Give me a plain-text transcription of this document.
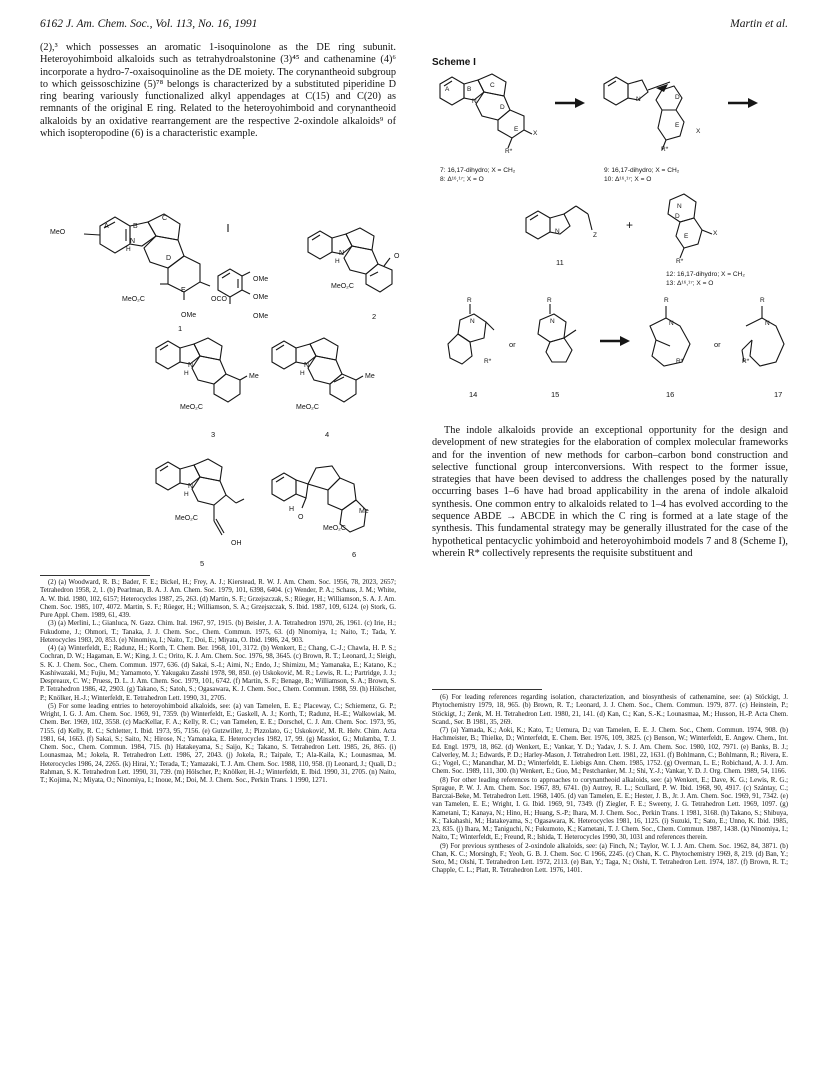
6162 J. Am. Chem. Soc., Vol. 113, No. 16, 1991	Martin et al.

(2),³ which possesses an aromatic 1-isoquinolone as the DE ring subunit. Heteroyohimboid alkaloids such as tetrahydroalstonine (3)⁴⁵ and cathenamine (4)⁶ incorporate a hydro-7-oxaisoquinoline as the DE moiety. The corynantheoid subgroup to which geissoschizine (5)⁷⁸ belongs is characterized by a substituted piperidine D ring bearing variously functionalized alkyl appendages at C(15) and C(20) as remnants of the original E ring. Related to the heteroyohimboid and corynantheoid alkaloids by an oxidative rearrangement are the respective 2-oxindole alkaloids⁹ of which isopteropodine (6) is a characteristic example.

MeO
A	B
C
D
E
N
H
MeO₂C	OCO
OMe
OMe
OMe
OMe
1
N
H
O
MeO₂C
2
N
H	Me
MeO₂C
3
N
H	Me
MeO₂C
4
N
H
MeO₂C
OH
5
H
O
MeO₂C
Me
6

(2) (a) Woodward, R. B.; Bader, F. E.; Bickel, H.; Frey, A. J.; Kierstead, R. W. J. Am. Chem. Soc. 1956, 78, 2023, 2657; Tetrahedron 1958, 2, 1. (b) Pearlman, B. A. J. Am. Chem. Soc. 1979, 101, 6398, 6404. (c) Wender, P. A.; Schaus, J. M.; White, A. W. Ibid. 1980, 102, 6157; Heterocycles 1987, 25, 263. (d) Martin, S. F.; Grzejszczak, S.; Rüeger, H.; Williamson, S. A. J. Am. Chem. Soc. 1985, 107, 4072. Martin, S. F.; Rüeger, H.; Williamson, S. A.; Grzejszczak, S. Ibid. 1987, 109, 6124. (e) Stork, G. Pure Appl. Chem. 1989, 61, 439.

(3) (a) Merlini, L.; Gianluca, N. Gazz. Chim. Ital. 1967, 97, 1915. (b) Beisler, J. A. Tetrahedron 1970, 26, 1961. (c) Irie, H.; Fukudome, J.; Ohmori, T.; Tanaka, J. J. Chem. Soc., Chem. Commun. 1975, 63. (d) Ninomiya, I.; Naito, T.; Tada, Y. Heterocycles 1983, 20, 853. (e) Ninomiya, I.; Naito, T.; Doi, E.; Miyata, O. Ibid. 1986, 24, 903.

(4) (a) Winterfeldt, E.; Radunz, H.; Korth, T. Chem. Ber. 1968, 101, 3172. (b) Wenkert, E.; Chang, C.-J.; Chawla, H. P. S.; Cochran, D. W.; Hagaman, E. W.; King, J. C.; Orito, K. J. Am. Chem. Soc. 1976, 98, 3645. (c) Brown, R. T.; Leonard, J.; Sleigh, S. K. J. Chem. Soc., Chem. Commun. 1977, 636. (d) Sakai, S.-I.; Aimi, N.; Endo, J.; Shimizu, M.; Yamanaka, E.; Katano, K.; Kashiwazaki, M.; Fujiu, M.; Yamamoto, Y. Yakugaku Zasshi 1978, 98, 850. (e) Uskoković, M. R.; Lewis, R. L.; Partridge, J. J.; Despreaux, C. W.; Pruess, D. L. J. Am. Chem. Soc. 1979, 101, 6742. (f) Martin, S. F.; Benage, B.; Williamson, S. A.; Brown, S. P. Tetrahedron 1986, 42, 2903. (g) Takano, S.; Satoh, S.; Ogasawara, K. J. Chem. Soc., Chem. Commun. 1988, 59. (h) Hölscher, P.; Knölker, H.-J.; Winterfeldt, E. Tetrahedron Lett. 1990, 31, 2705.

(5) For some leading entries to heteroyohimboid alkaloids, see: (a) van Tamelen, E. E.; Placeway, C.; Schiemenz, G. P.; Wright, I. G. J. Am. Chem. Soc. 1969, 91, 7359. (b) Winterfeldt, E.; Gaskell, A. J.; Korth, T.; Radunz, H.-E.; Walkowiak, M. Chem. Ber. 1969, 102, 3558. (c) MacKellar, F. A.; Kelly, R. C.; van Tamelen, E. E.; Dorschel, C. J. Am. Chem. Soc. 1973, 95, 7155. (d) Kelly, R. C.; Schletter, I. Ibid. 1973, 95, 7156. (e) Gutzwiller, J.; Pizzolato, G.; Uskoković, M. R. Helv. Chim. Acta 1981, 64, 1663. (f) Sakai, S.; Saito, N.; Hirose, N.; Yamanaka, E. Heterocycles 1982, 17, 99. (g) Massiot, G.; Mulamba, T. J. Chem. Soc., Chem. Commun. 1984, 715. (h) Hatakeyama, S.; Saijo, K.; Takano, S. Tetrahedron Lett. 1985, 26, 865. (i) Lounasmaa, M.; Jokela, R. Tetrahedron Lett. 1986, 27, 2043. (j) Jokela, R.; Taipale, T.; Ala-Kaila, K.; Lounasmaa, M. Heterocycles 1986, 24, 2265. (k) Hirai, Y.; Terada, T.; Yamazaki, T. J. Am. Chem. Soc. 1988, 110, 958. (l) Leonard, J.; Quali, D.; Rahman, S. K. Tetrahedron Lett. 1990, 31, 739. (m) Hölscher, P.; Knölker, H.-J.; Winterfeldt, E. Ibid. 1990, 31, 2705. (n) Naito, T.; Kojima, N.; Miyata, O.; Ninomiya, I.; Inoue, M.; Doi, M. J. Chem. Soc., Perkin Trans. 1 1990, 1271.

Scheme I
A	B
C
D
E
N
X
R*
7: 16,17-dihydro; X = CH₂
8: Δ¹⁶,¹⁷; X = O
D
E
N
X
R*
9: 16,17-dihydro; X = CH₂
10: Δ¹⁶,¹⁷; X = O
N
Z
11
+
N
D
E	X
R*
12: 16,17-dihydro; X = CH₂
13: Δ¹⁶,¹⁷; X = O
R
N
R*
14
or
R
N
15
R
N
R*
16
or
R
N
R*
17

The indole alkaloids provide an exceptional opportunity for the design and development of new strategies for the elaboration of complex molecular frameworks and for the invention of new methods for carbon–carbon bond construction and selective functional group interconversions. With respect to the former issue, strategies that have been devised to address the challenges posed by the naturally occurring bases 1–6 have had broad applicability in the arena of indole alkaloid synthesis. One common entry to alkaloids related to 1–4 has evolved according to the sequence ABDE → ABCDE in which the C ring is formed at a late stage of the synthesis. This fundamental strategy may be generally illustrated for the case of the hypothetical pentacyclic yohimboid and heteroyohimboid models 7 and 8 (Scheme I), wherein R* collectively represents the requisite substituent and

(6) For leading references regarding isolation, characterization, and biosynthesis of cathenamine, see: (a) Stöckigt, J. Phytochemistry 1979, 18, 965. (b) Brown, R. T.; Leonard, J. J. Chem. Soc., Chem. Commun. 1979, 877. (c) Heinstein, P.; Stöckigt, J.; Zenk, M. H. Tetrahedron Lett. 1980, 21, 141. (d) Kan, C.; Kan, S.-K.; Lounasmaa, M.; Husson, H.-P. Acta Chem. Scand., Ser. B 1981, 35, 269.

(7) (a) Yamada, K.; Aoki, K.; Kato, T.; Uemura, D.; van Tamelen, E. E. J. Chem. Soc., Chem. Commun. 1974, 908. (b) Hachmeister, B.; Thielke, D.; Winterfeldt, E. Chem. Ber. 1976, 109, 3825. (c) Benson, W.; Winterfeldt, E. Angew. Chem., Int. Ed. Engl. 1979, 18, 862. (d) Wenkert, E.; Vankar, Y. D.; Yadav, J. S. J. Am. Chem. Soc. 1980, 102, 7971. (e) Banks, B. J.; Calverley, M. J.; Edwards, P. D.; Harley-Mason, J. Tetrahedron Lett. 1981, 22, 1631. (f) Bohlmann, C.; Bohlmann, R.; Rivera, E. G.; Vogel, C.; Manandhar, M. D.; Winterfeldt, E. Liebigs Ann. Chem. 1985, 1752. (g) Overman, L. E.; Robichaud, A. J. J. Am. Chem. Soc. 1989, 111, 300. (h) Wenkert, E.; Guo, M.; Pestchanker, M. J.; Shi, Y.-J.; Vankar, Y. D. J. Org. Chem. 1989, 54, 1166.

(8) For other leading references to approaches to corynantheoid alkaloids, see: (a) Wenkert, E.; Dave, K. G.; Lewis, R. G.; Sprague, P. W. J. Am. Chem. Soc. 1967, 89, 6741. (b) Autrey, R. L.; Scullard, P. W. Ibid. 1968, 90, 4917. (c) Szántay, C.; Barczai-Beke, M. Tetrahedron Lett. 1968, 1405. (d) van Tamelen, E. E.; Hester, J. B., Jr. J. Am. Chem. Soc. 1969, 91, 7342. (e) van Tamelen, E. E.; Wright, I. G. Ibid. 1969, 91, 7349. (f) Ziegler, F. E.; Sweeny, J. G. Tetrahedron Lett. 1969, 1097. (g) Kametani, T.; Kanaya, N.; Hino, H.; Huang, S.-P.; Ihara, M. J. Chem. Soc., Perkin Trans. 1 1981, 3168. (h) Takano, S.; Shibuya, K.; Takahashi, M.; Hatakeyama, S.; Ogasawara, K. Heterocycles 1981, 16, 1125. (i) Suzuki, T.; Sato, E.; Unno, K. Ibid. 1985, 23, 835. (j) Ihara, M.; Taniguchi, N.; Fukumoto, K.; Kametani, T. J. Chem. Soc., Chem. Commun. 1987, 1438. (k) Ninomiya, I.; Naito, T.; Winterfeldt, E.; Freund, R.; Ishida, T. Heterocycles 1990, 30, 1031 and references therein.

(9) For previous syntheses of 2-oxindole alkaloids, see: (a) Finch, N.; Taylor, W. I. J. Am. Chem. Soc. 1962, 84, 3871. (b) Chan, K. C.; Morsingh, F.; Yeoh, G. B. J. Chem. Soc. C 1966, 2245. (c) Chan, K. C. Phytochemistry 1969, 8, 219. (d) Ban, Y.; Seto, M.; Oishi, T. Tetrahedron Lett. 1972, 2113. (e) Ban, Y.; Taga, N.; Oishi, T. Tetrahedron Lett. 1974, 187. (f) Brown, R. T.; Chapple, C. L.; Platt, R. Tetrahedron Lett. 1976, 1401.
